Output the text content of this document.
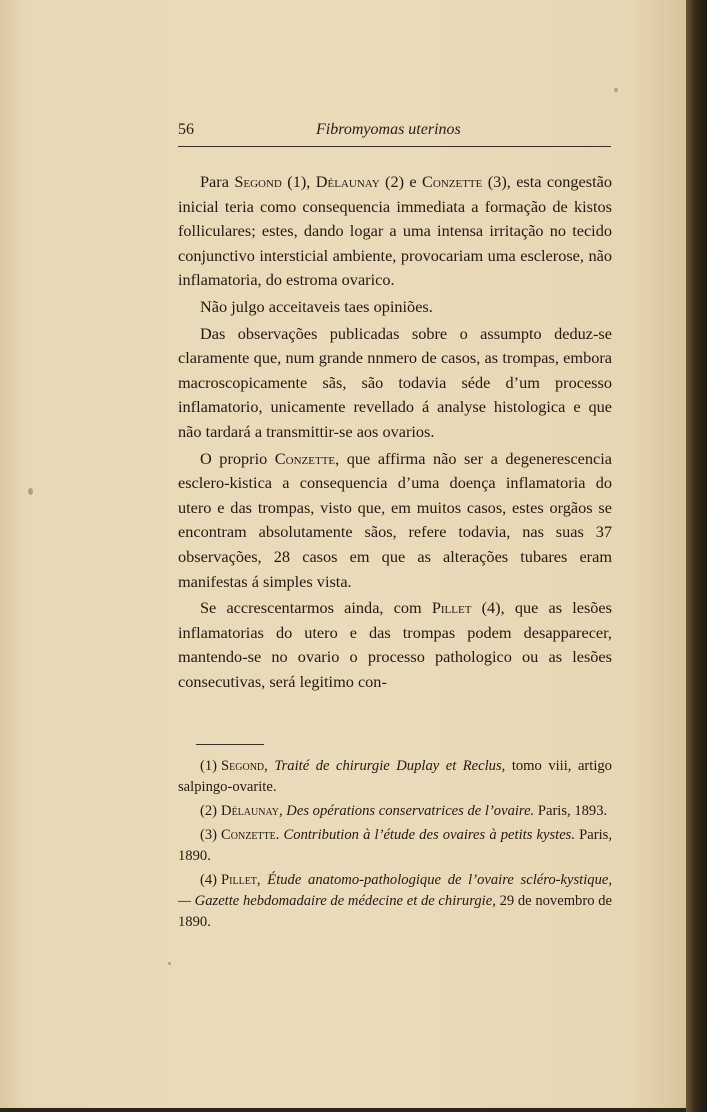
56	Fibromyomas uterinos

Para Segond (1), Délaunay (2) e Conzette (3), esta congestão inicial teria como consequencia immediata a formação de kistos folliculares; estes, dando logar a uma intensa irritação no tecido conjunctivo intersticial ambiente, provocariam uma esclerose, não inflamatoria, do estroma ovarico.

Não julgo acceitaveis taes opiniões.

Das observações publicadas sobre o assumpto deduz-se claramente que, num grande nnmero de casos, as trompas, embora macroscopicamente sãs, são todavia séde d’um processo inflamatorio, unicamente revellado á analyse histologica e que não tardará a transmittir-se aos ovarios.

O proprio Conzette, que affirma não ser a degenerescencia esclero-kistica a consequencia d’uma doença inflamatoria do utero e das trompas, visto que, em muitos casos, estes orgãos se encontram absolutamente sãos, refere todavia, nas suas 37 observações, 28 casos em que as alterações tubares eram manifestas á simples vista.

Se accrescentarmos ainda, com Pillet (4), que as lesões inflamatorias do utero e das trompas podem desapparecer, mantendo-se no ovario o processo pathologico ou as lesões consecutivas, será legitimo con-

(1) Segond, Traité de chirurgie Duplay et Reclus, tomo viii, artigo salpingo-ovarite.

(2) Délaunay, Des opérations conservatrices de l’ovaire. Paris, 1893.

(3) Conzette. Contribution à l’étude des ovaires à petits kystes. Paris, 1890.

(4) Pillet, Étude anatomo-pathologique de l’ovaire scléro-kystique, — Gazette hebdomadaire de médecine et de chirurgie, 29 de novembro de 1890.
